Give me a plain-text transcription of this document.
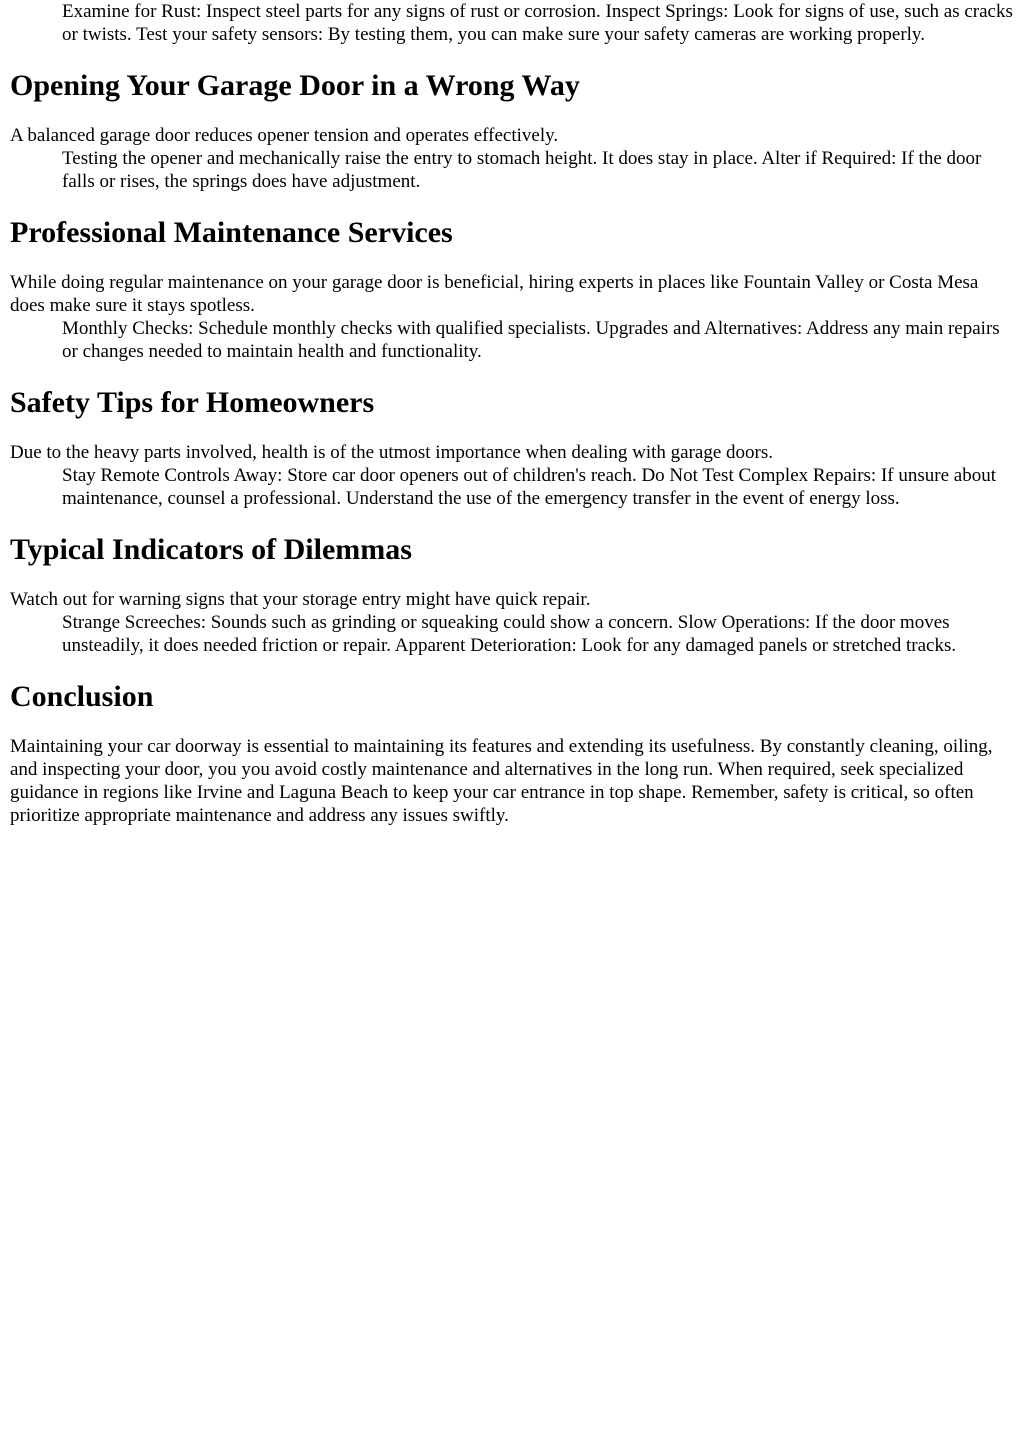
Examine for Rust: Inspect steel parts for any signs of rust or corrosion. Inspect Springs: Look for signs of use, such as cracks or twists. Test your safety sensors: By testing them, you can make sure your safety cameras are working properly.
Opening Your Garage Door in a Wrong Way

A balanced garage door reduces opener tension and operates effectively.

Testing the opener and mechanically raise the entry to stomach height. It does stay in place. Alter if Required: If the door falls or rises, the springs does have adjustment.
Professional Maintenance Services

While doing regular maintenance on your garage door is beneficial, hiring experts in places like Fountain Valley or Costa Mesa does make sure it stays spotless.

Monthly Checks: Schedule monthly checks with qualified specialists. Upgrades and Alternatives: Address any main repairs or changes needed to maintain health and functionality.
Safety Tips for Homeowners

Due to the heavy parts involved, health is of the utmost importance when dealing with garage doors.

Stay Remote Controls Away: Store car door openers out of children's reach. Do Not Test Complex Repairs: If unsure about maintenance, counsel a professional. Understand the use of the emergency transfer in the event of energy loss.
Typical Indicators of Dilemmas

Watch out for warning signs that your storage entry might have quick repair.

Strange Screeches: Sounds such as grinding or squeaking could show a concern. Slow Operations: If the door moves unsteadily, it does needed friction or repair. Apparent Deterioration: Look for any damaged panels or stretched tracks.
Conclusion

Maintaining your car doorway is essential to maintaining its features and extending its usefulness. By constantly cleaning, oiling, and inspecting your door, you you avoid costly maintenance and alternatives in the long run. When required, seek specialized guidance in regions like Irvine and Laguna Beach to keep your car entrance in top shape. Remember, safety is critical, so often prioritize appropriate maintenance and address any issues swiftly.
